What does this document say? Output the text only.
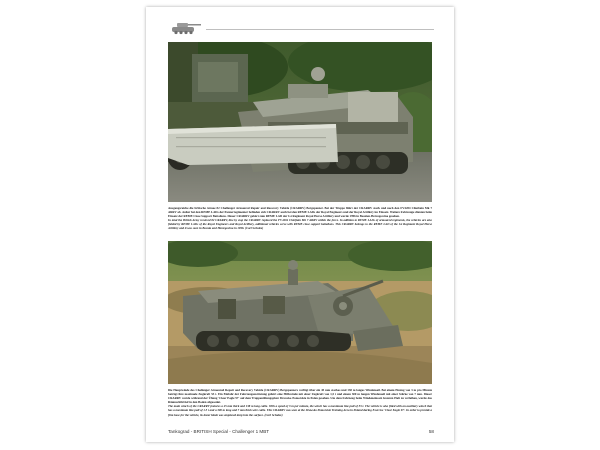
Ausgangsreiche die britische Armee 82 Challenger Armoured Repair and Recovery Vehicle (CRARRV) Bergepanzer. Bei der Truppe führt der CRARRV stark und nach den FV4204 Chieftain Mk 7 ARRV ab. Außer bei den REME LADs der Panzerregimenter befinden sich CRARRV auch bei den REME LADs der Royal Engineers und der Royal Artillery im Einsatz. Weitere Fahrzeuge dienten beim Einsatz der REME Close Support Battalions. Dieser CRARRV gehört zum REME LAD der 1st Regiment Royal Horse Artillery und wurde 1996 in Bosnien-Herzegowina gesehen.

In total the British Army received 82 CRARRV, line by stop the CRARRV replaced the FV4204 Chieftain Mk 7 ARRV within the force. In addition to REME LADs of armoured regiments, the vehicles are also fielded by REME LADs of the Royal Engineers and Royal Artillery, additional vehicles serve with REME close support battalions. This CRARRV belongs to the REME LAD of the 1st Regiment Royal Horse Artillery and it was seen in Bosnia and Herzegovina in 1996. (Carl Schulze)

Die Hauptwinde des Challenger Armoured Repair and Recovery Vehicle (CRARRV) Bergepanzers verfügt über ein 45 mm starkes und 138 m langes Windenseil. Bei einem Einzug von 3 m pro Minute beträgt ihre maximale Zugkraft 53 t. Ein Einfahr der Fahrzeugausrüstung gehört eine Hilfswinde mit einer Zugkraft von 1,5 t und einem 300 m langen Windenseil mit einer Stärke von 7 mm. Dieser CRARRV wurde während der Übung 'Clear Eagle 97' auf dem Truppenübungsplatz Drawsko Pomorskie in Polen gesehen. Um dem Fahrzeug beim Windeneinsatz festeren Halt zu verleihen, wurde das Räumschild tief in den Boden abgesenkt.

The main winch of the CRARRV features a 45 mm thick and 138 m long cable. With a speed of 3 m per minute, the winch has a maximum line pull of 53 t. The vehicle is also fitted with an auxiliary winch that has a maximum line pull of 1.5 t and a 300 m long and 7 mm thick wire cable. This CRARRV was seen at the Drawsko Pomorskie Training Area in Poland during Exercise 'Clear Eagle 97'. In order to provide a firm base for the vehicle, its dozer blade was emplaced deep into the surface. (Carl Schulze)

Tankograd - BRITISH Special - Challenger 1 MBT	58
